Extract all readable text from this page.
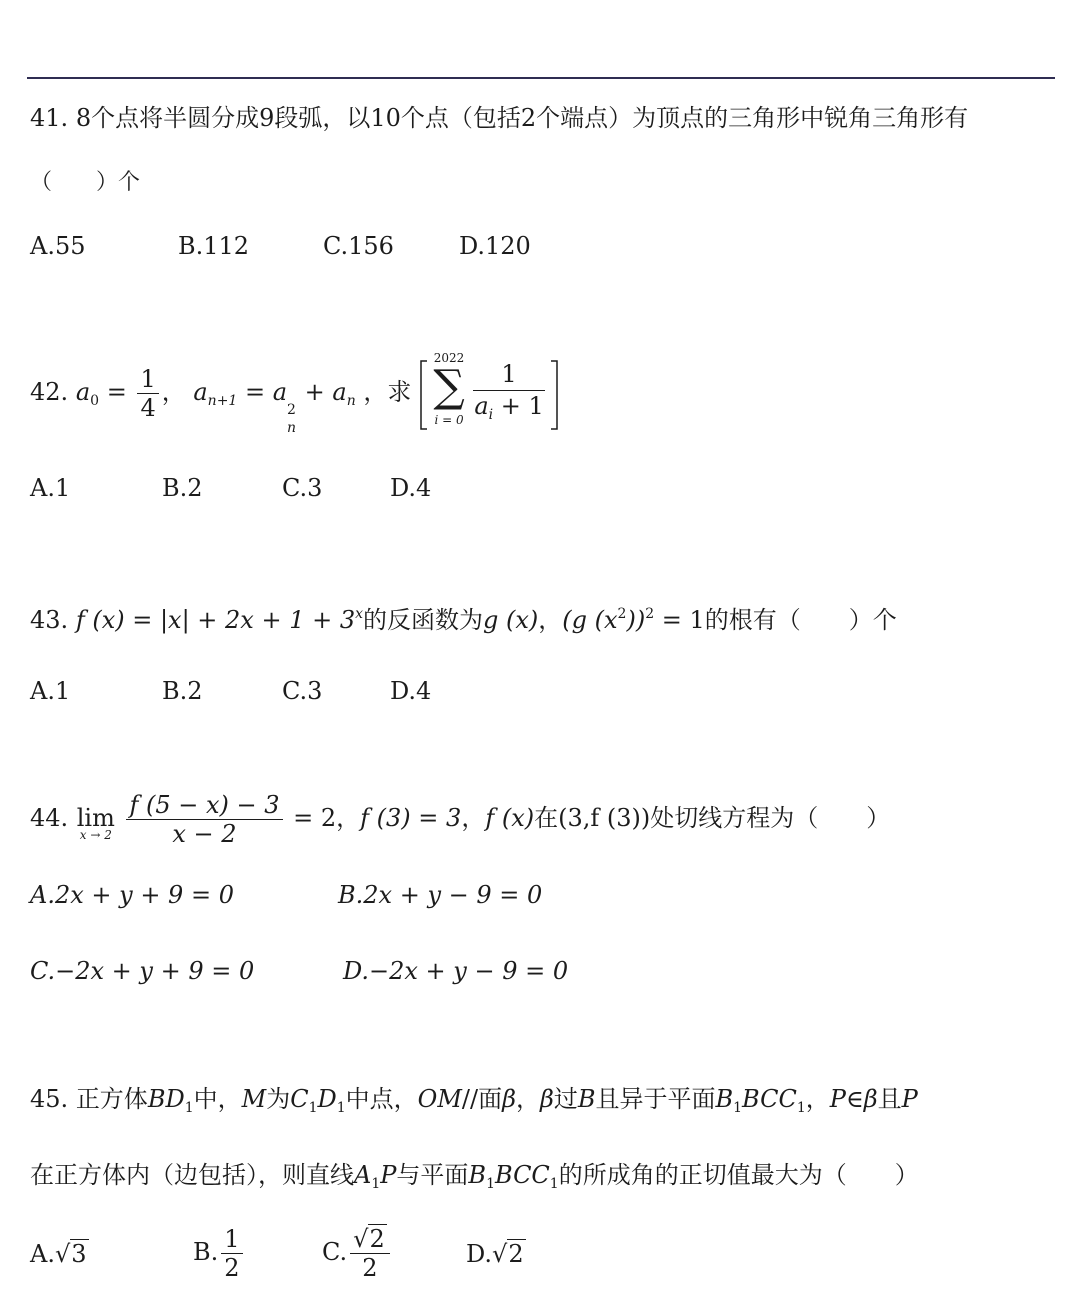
41. 8个点将半圆分成9段弧，以10个点（包括2个端点）为顶点的三角形中锐角三角形有
（　　）个
A.55	B.112	C.156	D.120
42. $a_0 = \frac{1}{4}$ ， $a_{n+1} = a$
2
n
+ $a_n$ ，求
2022
∑
i = 0
1
$a_i + 1$
A.1	B.2	C.3	D.4
43. f $(x) = |x| + 2x + 1 + 3^x$的反函数为g (x)，(g $(x^2))^2 = 1$的根有（　　）个
A.1	B.2	C.3	D.4
44. lim
x → 2
$\frac{f (5 - x) - 3}{x - 2} = 2$，f (3) = 3，f (x)在(3,f (3))处切线方程为（　　）
A.2x + y + 9 = 0	B.2x + y − 9 = 0
C.−2x + y + 9 = 0	D.−2x + y − 9 = 0
45. 正方体$BD_1$中，M为$C_1D_1$中点，OM//面β，β过B且异于平面$B_1BCC_1$，P∈β且P
在正方体内（边包括），则直线$A_1P$与平面$B_1BCC_1$的所成角的正切值最大为（　　）
A.√3	B. $\frac{1}{2}$	C. $\frac{√2}{2}$	D.√2
